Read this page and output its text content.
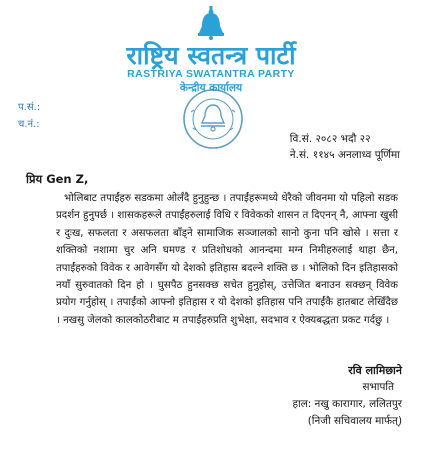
राष्ट्रिय स्वतन्त्र पार्टी
RASTRIYA SWATANTRA PARTY
केन्द्रीय कार्यालय
प.सं.:
च.नं.:
वि.सं. २०८२ भदौ २२
ने.सं. ११४५ अनलाध्व पूर्णिमा
प्रिय Gen Z,

भोलिबाट तपाईंहरु सडकमा ओर्लंदै हुनुहुन्छ । तपाईंहरूमध्ये धेरैको जीवनमा यो पहिलो सडक प्रदर्शन हुनुपर्छ । शासकहरूले तपाईंहरुलाई विधि र विवेकको शासन त दिएनन् नै, आफ्ना खुसी र दुःख, सफलता र असफलता बाँड्ने सामाजिक सञ्जालको सानो कुना पनि खोसे । सत्ता र शक्तिको नशामा चुर अनि घमण्ड र प्रतिशोधको आनन्दमा मग्न निमीहरुलाई थाहा छैन, तपाईंहरुको विवेक र आवेगसँग यो देशको इतिहास बदल्ने शक्ति छ । भोलिको दिन इतिहासको नयाँ सुरुवातको दिन हो । घुसपैठ हुनसक्छ सचेत हुनुहोस्, उत्तेजित बनाउन सक्छन् विवेक प्रयोग गर्नुहोस् । तपाईंको आफ्नो इतिहास र यो देशको इतिहास पनि तपाईंकै हातबाट लेखिँदैछ । नखसु जेलको कालकोठरीबाट म तपाईंहरुप्रति शुभेक्षा, सदभाव र ऐक्यबद्धता प्रकट गर्दछु ।

रवि लामिछाने
सभापति
हाल: नखु कारागार, ललितपुर
(निजी सचिवालय मार्फत्)
